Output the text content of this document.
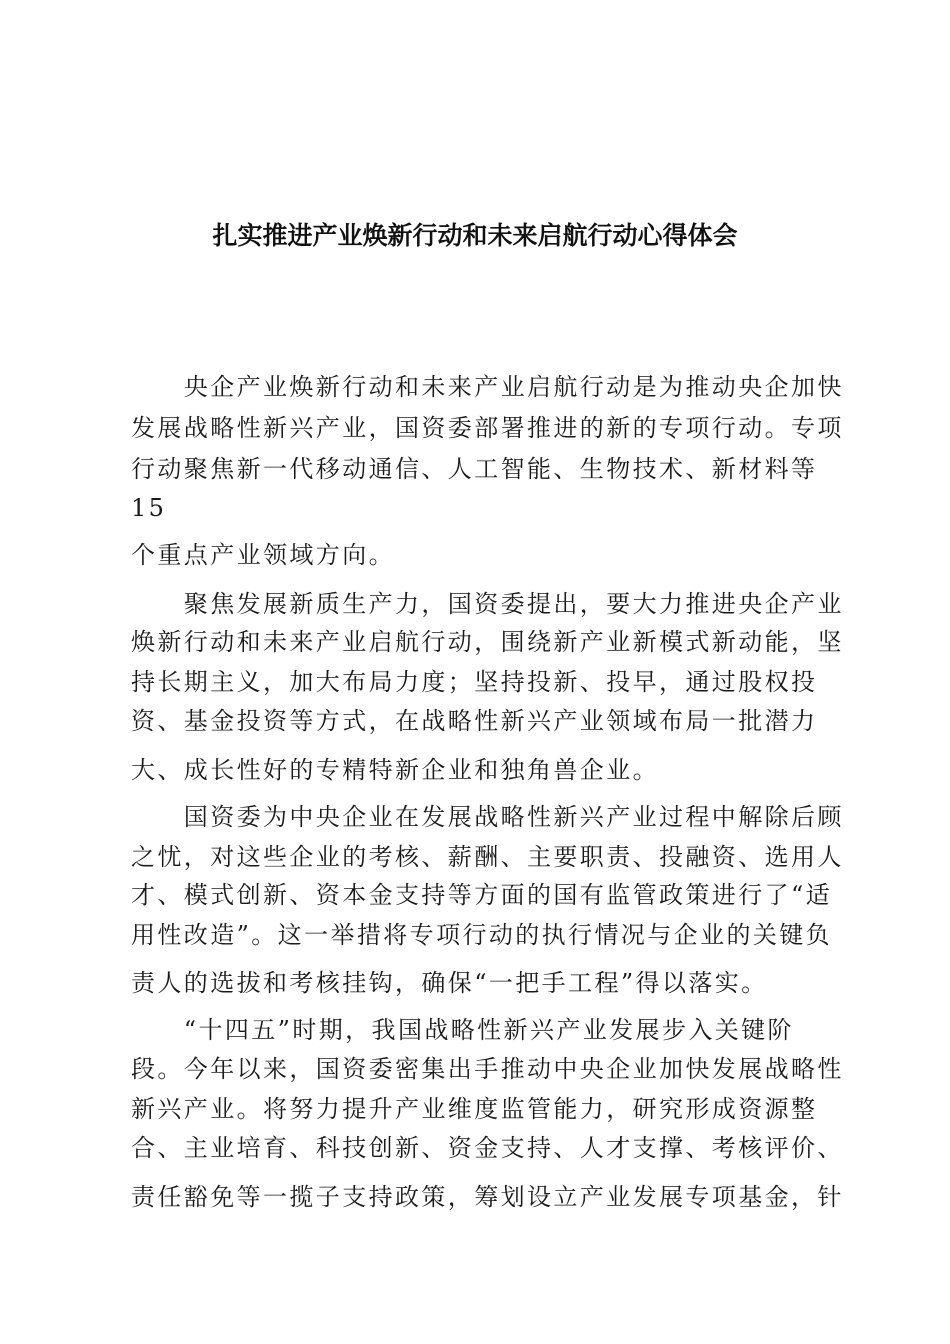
扎实推进产业焕新行动和未来启航行动心得体会
　　央企产业焕新行动和未来产业启航行动是为推动央企加快
发展战略性新兴产业，国资委部署推进的新的专项行动。专项
行动聚焦新一代移动通信、人工智能、生物技术、新材料等
15
个重点产业领域方向。
　　聚焦发展新质生产力，国资委提出，要大力推进央企产业
焕新行动和未来产业启航行动，围绕新产业新模式新动能，坚
持长期主义，加大布局力度；坚持投新、投早，通过股权投
资、基金投资等方式，在战略性新兴产业领域布局一批潜力
大、成长性好的专精特新企业和独角兽企业。
　　国资委为中央企业在发展战略性新兴产业过程中解除后顾
之忧，对这些企业的考核、薪酬、主要职责、投融资、选用人
才、模式创新、资本金支持等方面的国有监管政策进行了“适
用性改造”。这一举措将专项行动的执行情况与企业的关键负
责人的选拔和考核挂钩，确保“一把手工程”得以落实。
　　“十四五”时期，我国战略性新兴产业发展步入关键阶
段。今年以来，国资委密集出手推动中央企业加快发展战略性
新兴产业。将努力提升产业维度监管能力，研究形成资源整
合、主业培育、科技创新、资金支持、人才支撑、考核评价、
责任豁免等一揽子支持政策，筹划设立产业发展专项基金，针
